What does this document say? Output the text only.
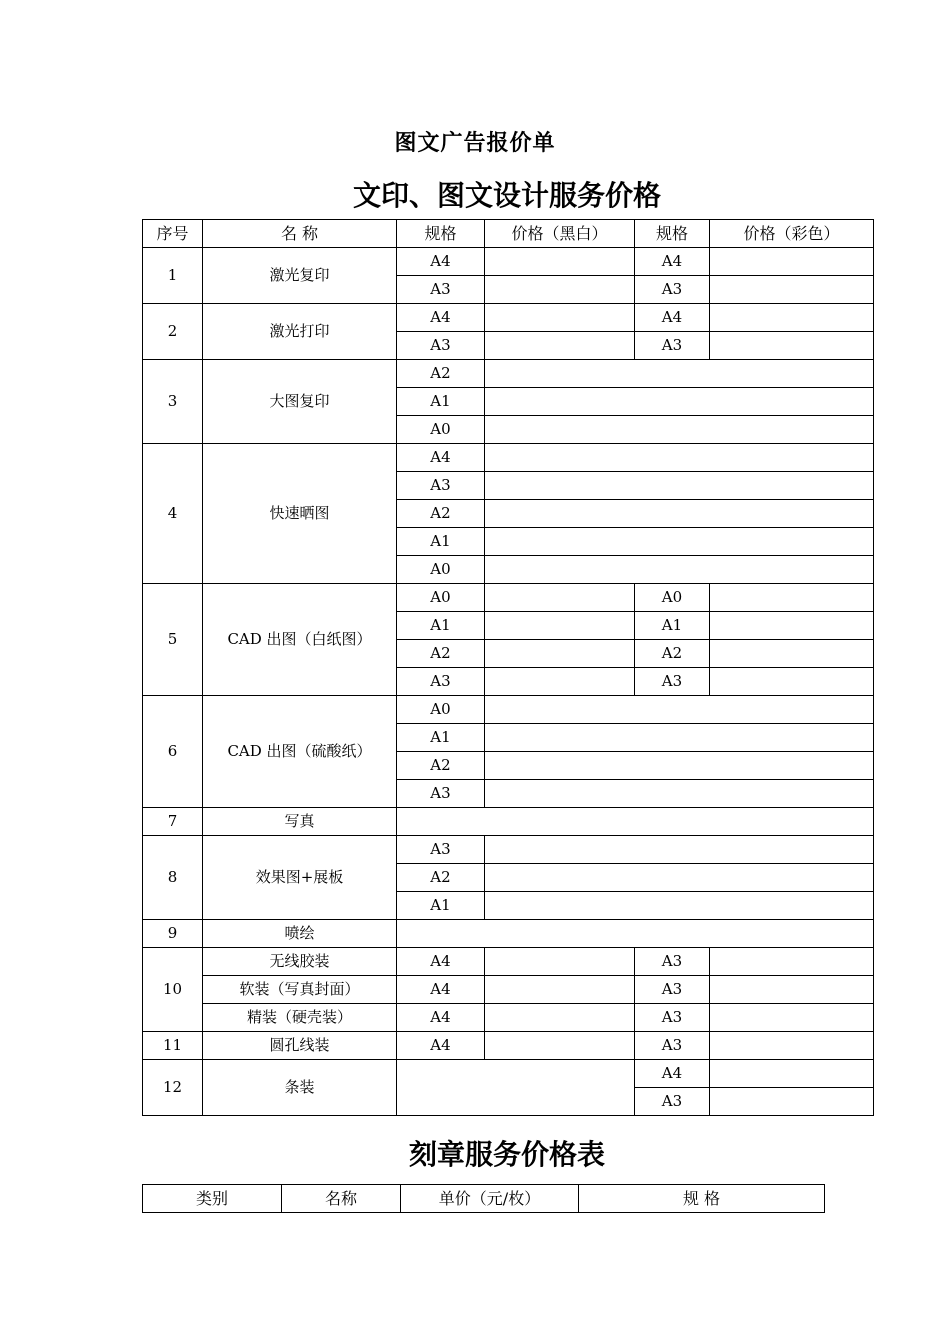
图文广告报价单
文印、图文设计服务价格
序号	名 称	规格	价格（黑白）	规格	价格（彩色）
1	激光复印	A4		A4	
		A3		A3	
2	激光打印	A4		A4	
		A3		A3	
3	大图复印	A2			
		A1			
		A0			
4	快速晒图	A4			
		A3			
		A2			
		A1			
		A0			
5	CAD 出图（白纸图）	A0		A0	
		A1		A1	
		A2		A2	
		A3		A3	
6	CAD 出图（硫酸纸）	A0			
		A1			
		A2			
		A3			
7	写真				
8	效果图+展板	A3			
		A2			
		A1			
9	喷绘				
10	无线胶装	A4		A3	
	软装（写真封面）	A4		A3	
	精装（硬壳装）	A4		A3	
11	圆孔线装	A4		A3	
12	条装			A4	
				A3	
刻章服务价格表
类别	名称	单价（元/枚）	规 格
